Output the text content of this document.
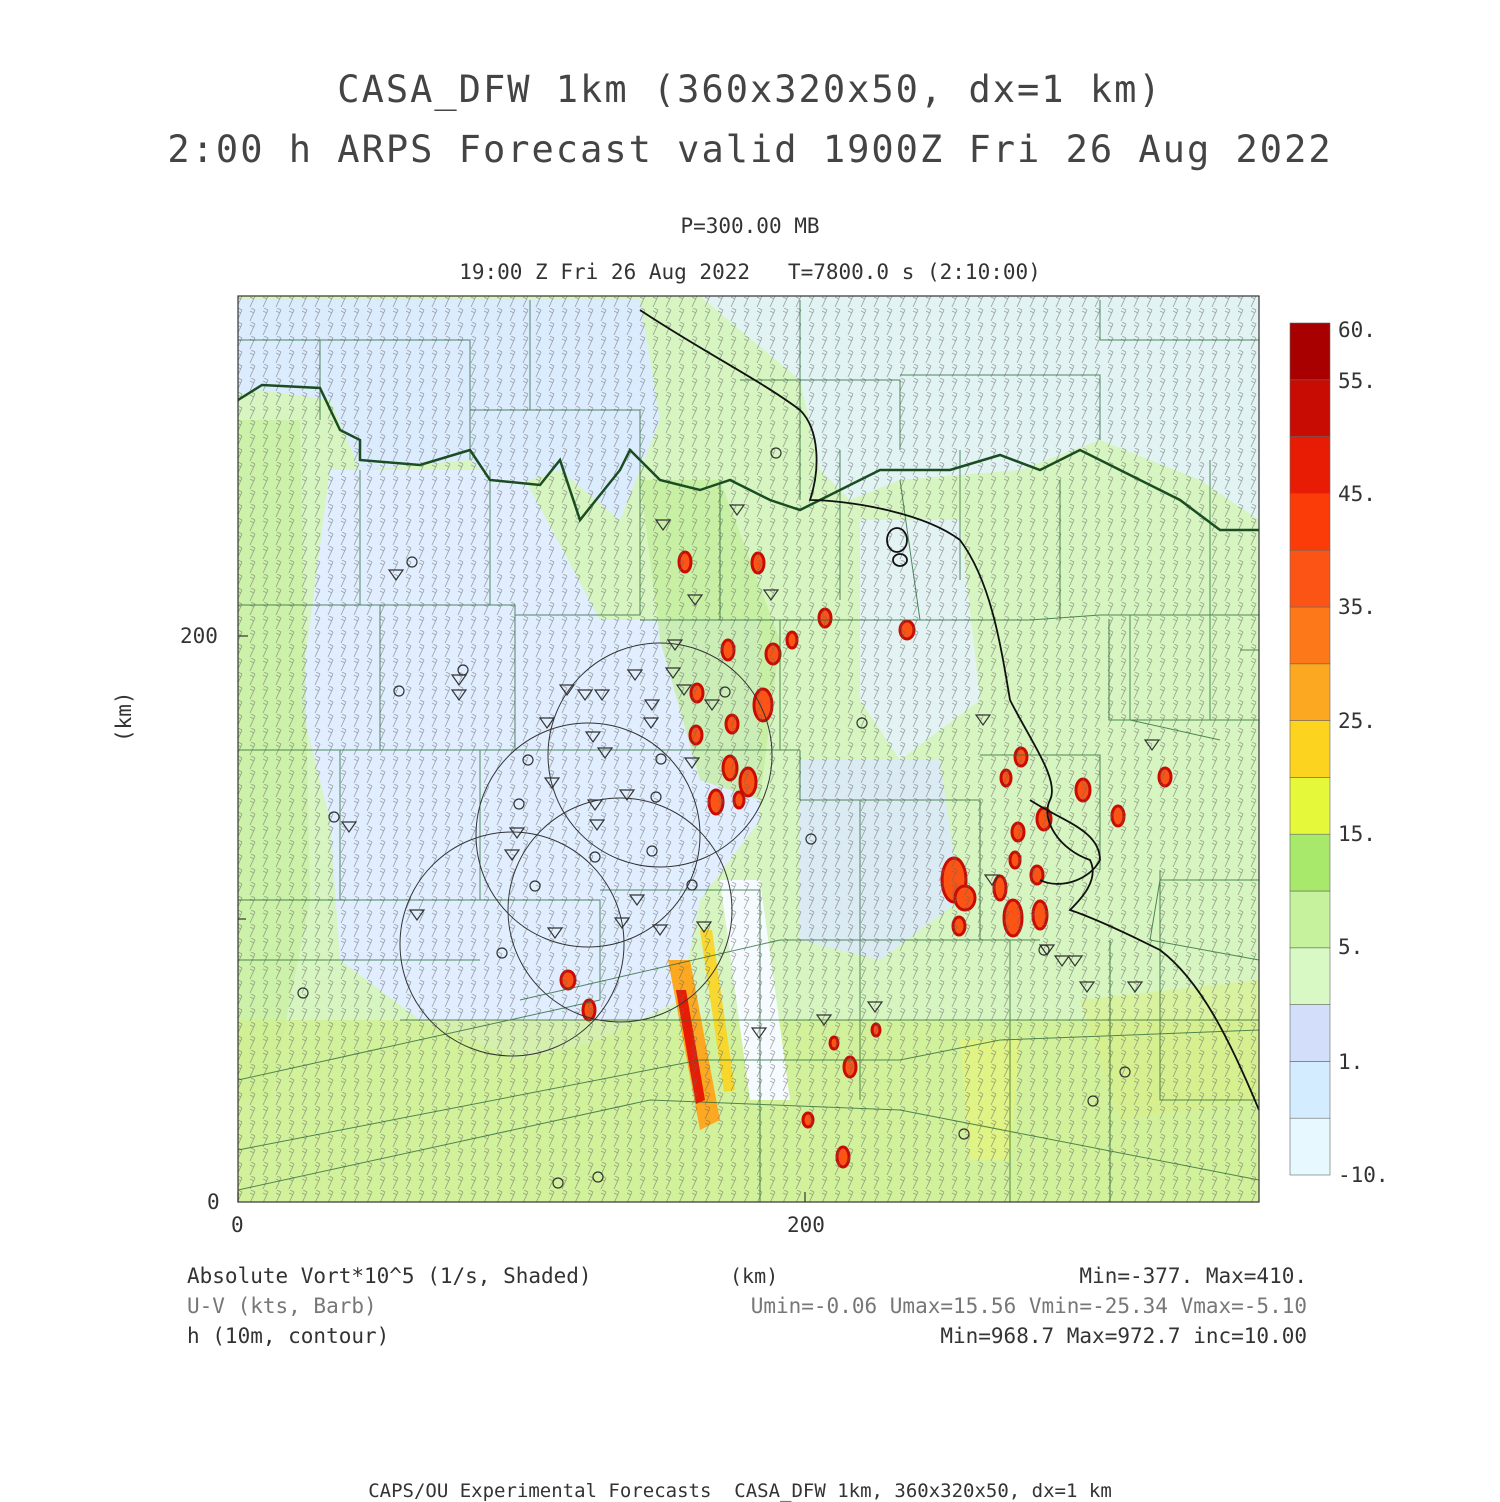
CASA_DFW 1km (360x320x50, dx=1 km)
2:00 h ARPS Forecast valid 1900Z Fri 26 Aug 2022
P=300.00 MB
19:00 Z Fri 26 Aug 2022   T=7800.0 s (2:10:00)
(km)
200
0
0	200
(km)
60.
55.
45.
35.
25.
15.
5.
1.
-10.
Absolute Vort*10^5 (1/s, Shaded)
U-V (kts, Barb)
h (10m, contour)
Min=-377. Max=410.
Umin=-0.06 Umax=15.56 Vmin=-25.34 Vmax=-5.10
Min=968.7 Max=972.7 inc=10.00
CAPS/OU Experimental Forecasts  CASA_DFW 1km, 360x320x50, dx=1 km
